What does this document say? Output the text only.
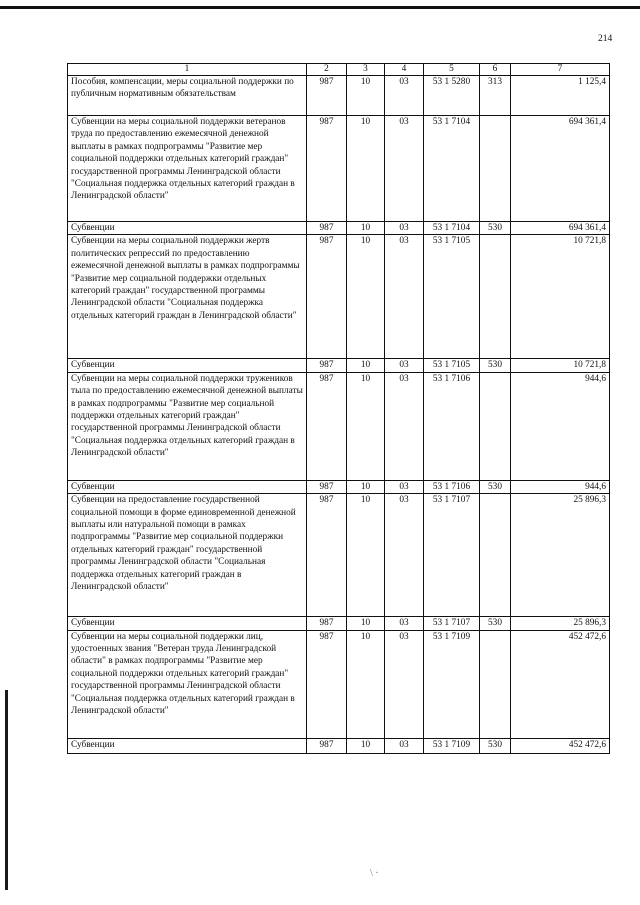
214
1	2	3	4	5	6	7
Пособия, компенсации, меры социальной поддержки по публичным нормативным обязательствам	987	10	03	53 1 5280	313	1 125,4
Субвенции на меры социальной поддержки ветеранов труда по предоставлению ежемесячной денежной выплаты в рамках подпрограммы "Развитие мер социальной поддержки отдельных категорий граждан" государственной программы Ленинградской области "Социальная поддержка отдельных категорий граждан в Ленинградской области"	987	10	03	53 1 7104		694 361,4
Субвенции	987	10	03	53 1 7104	530	694 361,4
Субвенции на меры социальной поддержки жертв политических репрессий по предоставлению ежемесячной денежной выплаты в рамках подпрограммы "Развитие мер социальной поддержки отдельных категорий граждан" государственной программы Ленинградской области "Социальная поддержка отдельных категорий граждан в Ленинградской области"	987	10	03	53 1 7105		10 721,8
Субвенции	987	10	03	53 1 7105	530	10 721,8
Субвенции на меры социальной поддержки тружеников тыла по предоставлению ежемесячной денежной выплаты в рамках подпрограммы "Развитие мер социальной поддержки отдельных категорий граждан" государственной программы Ленинградской области "Социальная поддержка отдельных категорий граждан в Ленинградской области"	987	10	03	53 1 7106		944,6
Субвенции	987	10	03	53 1 7106	530	944,6
Субвенции на предоставление государственной социальной помощи в форме единовременной денежной выплаты или натуральной помощи в рамках подпрограммы "Развитие мер социальной поддержки отдельных категорий граждан" государственной программы Ленинградской области "Социальная поддержка отдельных категорий граждан в Ленинградской области"	987	10	03	53 1 7107		25 896,3
Субвенции	987	10	03	53 1 7107	530	25 896,3
Субвенции на меры социальной поддержки лиц, удостоенных звания "Ветеран труда Ленинградской области" в рамках подпрограммы "Развитие мер социальной поддержки отдельных категорий граждан" государственной программы Ленинградской области "Социальная поддержка отдельных категорий граждан в Ленинградской области"	987	10	03	53 1 7109		452 472,6
Субвенции	987	10	03	53 1 7109	530	452 472,6
\ ·
